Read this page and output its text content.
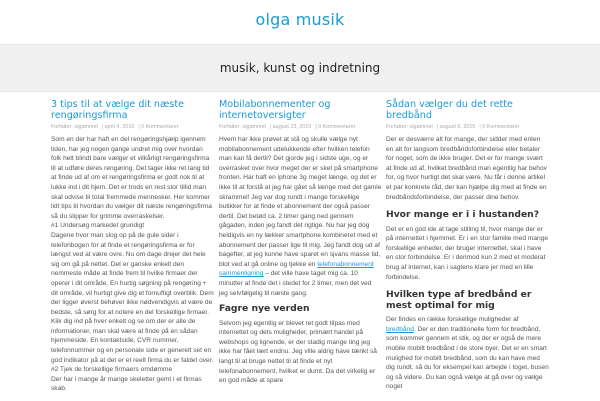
olga musik
musik, kunst og indretning
3 tips til at vælge dit næste rengøringsfirma
Forfatter: olgammel | april 4, 2016 | 0 Kommentarer

Som en der har haft en del rengøringshjælp igennem tiden, har jeg nogen gange undret mig over hvordan folk helt blindt bare vælger et vilkårligt rengøringsfirma til at udføre deres rengøring. Det tager ikke ret lang tid at finde ud af om et rengøringsfirma er godt nok til at lukke ind i dit hjem. Det er trods en rest stor tillid man skal udvise til total fremmede mennesker. Her kommer lidt tips til hvordan du vælger dit næste rengøringsfirma så du slipper for grimme overraskelser.

#1 Undersøg markedet grundigt

Dagene hvor man slog op på de gule sider i telefonbogen for at finde et rengøringsfirma er for længst ved at være ovre. Nu om dage drejer det hele sig om gå på nettet. Det er ganske enkelt den nemmeste måde at finde frem til hvilke firmaer der operer i dit område. En hurtig søgning på rengøring + dit område, vil hurtigt give dig et fornuftigt overblik. Dem der ligger øverst behøver ikke nødvendigvis at være de bedste, så sørg for at notere en del forskellige firmaer. Klik dig ind på hver enkelt og se om der er alle de informationer, man skal være at finde på en sådan hjemmeside. En kontaktside, CVR nummer, telefonnummer og en personale side er generelt set en god indikator på at det er et reelt firma du er faldet over.

#2 Tjek de forskellige firmaers omdømme

Der har i mange år mange skeletter gemt i et firmas skab.

Mobilabonnementer og internetoversigter
Forfatter: olgammel | august 23, 2015 | 0 Kommentarer

Hvem har ikke prøvet at stå og skulle vælge nyt mobilabonnement udelukkende efter hvilken telefon man kan få dertil? Det gjorde jeg i sidste uge, og er overrasket over hvor meget der er sket på smartphone fronten. Har haft en iphone 3g meget længe, og det er ikke til at forstå at jeg har gået så længe med det gamle skrammel! Jeg var dog rundt i mange forskellige butikker for at finde et abonnement der også passer dertil. Det betød ca. 2 timer gang ned gennem gågaden, inden jeg fandt det rigtige. Nu har jeg dog heldigvis en ny lækker smartphone kombineret med et abonnement der passer lige til mig. Jeg fandt dog ud af bagefter, at jeg kunne have sparet en sjvans masse tid, blot ved at gå online og tjekke en telefonabonnement sammenligning – det ville have taget mig ca. 10 minutter at finde det i stedet for 2 timer, men det ved jeg selvfølgelig til næste gang.

Fagre nye verden

Selvom jeg egentlig er blevet ret godt tilpas med internettet og dets muligheder, primært handel på webshops og lignende, er der stadig mange ting jeg ikke har fået lært endnu. Jeg ville aldrig have tænkt så langt til at bruge nettet til at finde et nyt telefonabonnement, hvilket er dumt. Da det virkelig er en god måde at spare

Sådan vælger du det rette bredbånd
Forfatter: olgammel | august 6, 2015 | 0 Kommentarer

Der er desværre alt for mange, der sidder med enten en alt for langsom bredbåndsforbindelse eller betaler for noget, som de ikke bruger. Det er for mange svært at finde ud af, hvilket bredbånd man egentlig har behov for, og hvor hurtigt det skal være. Nu får i denne artikel et par konkrete råd, der kan hjælpe dig med at finde en bredbåndsforbindelse, der passer dine behov.

Hvor mange er i i hustanden?

Det er en god ide at tage stilling til, hvor mange der er på internettet i hjemmet. Er i en stor familie med mange forskellige enheder, der bruger internettet, skal i have en stor forbindelse. Er i derimod kun 2 med et moderat brug af internet, kan i sagtens klare jer med en lille forbindelse.

Hvilken type af bredbånd er mest optimal for mig

Der findes en række forskellige muligheder af bredbånd. Der er den traditionelle form for bredbånd, som kommer gennem et stik, og der er også de mere mobile mobilt bredbånd i de store byer. Det er en smart mulighed for mobilt bredbånd, som du kan have med dig rundt, så du for eksempel kan arbejde i toget, busen og så videre. Du kan også vælge at gå over og vælge noget
